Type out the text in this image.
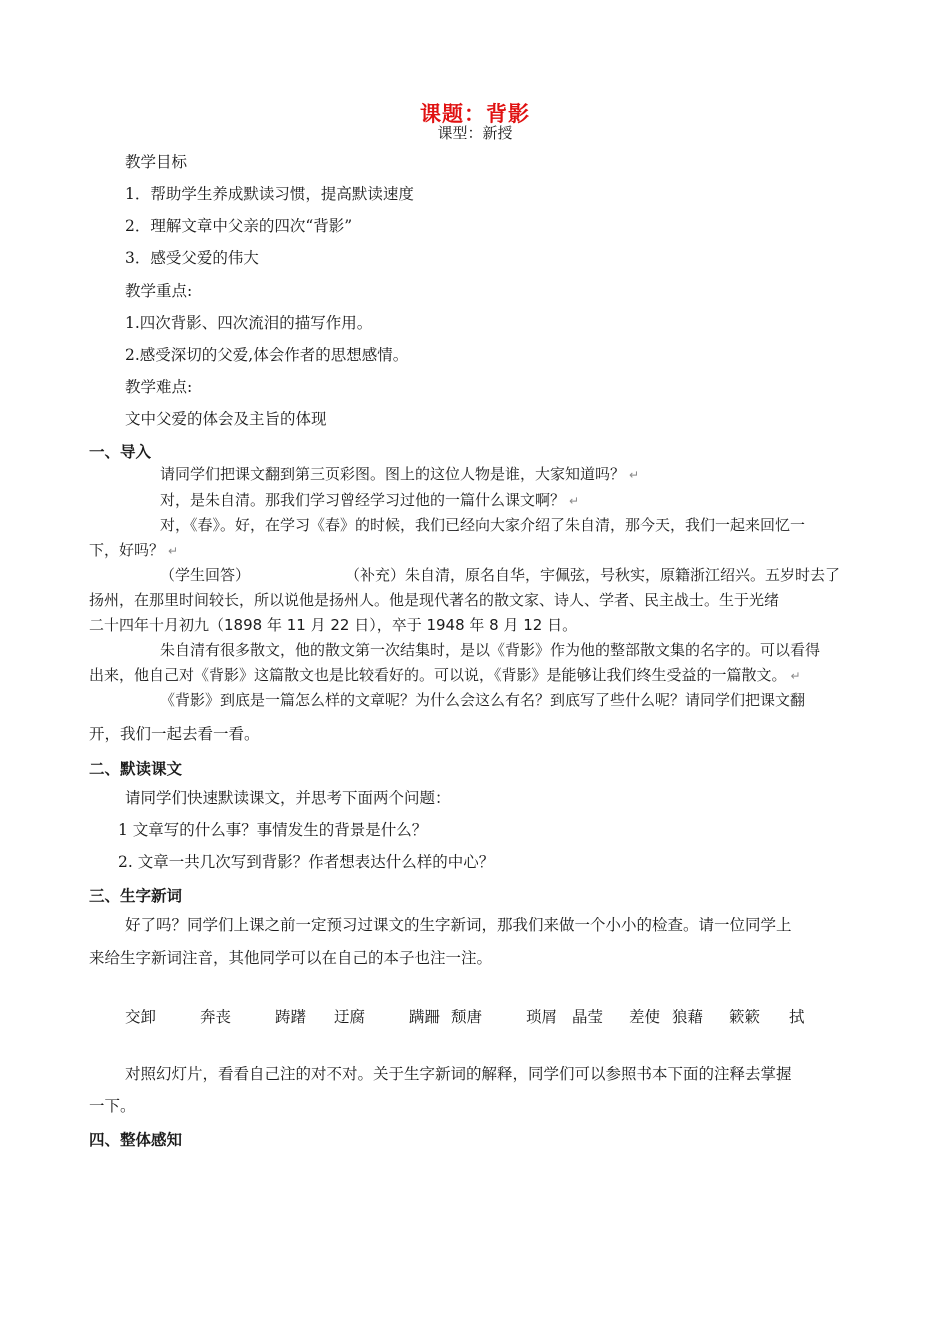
课题：背影
课型：新授
教学目标
1．帮助学生养成默读习惯，提高默读速度
2．理解文章中父亲的四次“背影”
3．感受父爱的伟大
教学重点:
1.四次背影、四次流泪的描写作用。
2.感受深切的父爱,体会作者的思想感情。
教学难点:
文中父爱的体会及主旨的体现
一、导入
请同学们把课文翻到第三页彩图。图上的这位人物是谁，大家知道吗？ ↵
对，是朱自清。那我们学习曾经学习过他的一篇什么课文啊？ ↵
对，《春》。好，在学习《春》的时候，我们已经向大家介绍了朱自清，那今天，我们一起来回忆一
下，好吗？ ↵
（学生回答）	（补充）朱自清，原名自华，宇佩弦，号秋实，原籍浙江绍兴。五岁时去了
扬州，在那里时间较长，所以说他是扬州人。他是现代著名的散文家、诗人、学者、民主战士。生于光绪
二十四年十月初九（1898 年 11 月 22 日），卒于 1948 年 8 月 12 日。
朱自清有很多散文，他的散文第一次结集时，是以《背影》作为他的整部散文集的名字的。可以看得
出来，他自己对《背影》这篇散文也是比较看好的。可以说，《背影》是能够让我们终生受益的一篇散文。 ↵
《背影》到底是一篇怎么样的文章呢？为什么会这么有名？到底写了些什么呢？请同学们把课文翻
开，我们一起去看一看。
二、默读课文
请同学们快速默读课文，并思考下面两个问题：
1 文章写的什么事？事情发生的背景是什么？
2. 文章一共几次写到背影？作者想表达什么样的中心？
三、生字新词
好了吗？同学们上课之前一定预习过课文的生字新词，那我们来做一个小小的检查。请一位同学上
来给生字新词注音，其他同学可以在自己的本子也注一注。
交卸	奔丧	踌躇 迂腐	蹒跚 颓唐	琐屑 晶莹 差使 狼藉 簌簌 拭
对照幻灯片，看看自己注的对不对。关于生字新词的解释，同学们可以参照书本下面的注释去掌握
一下。
四、整体感知
